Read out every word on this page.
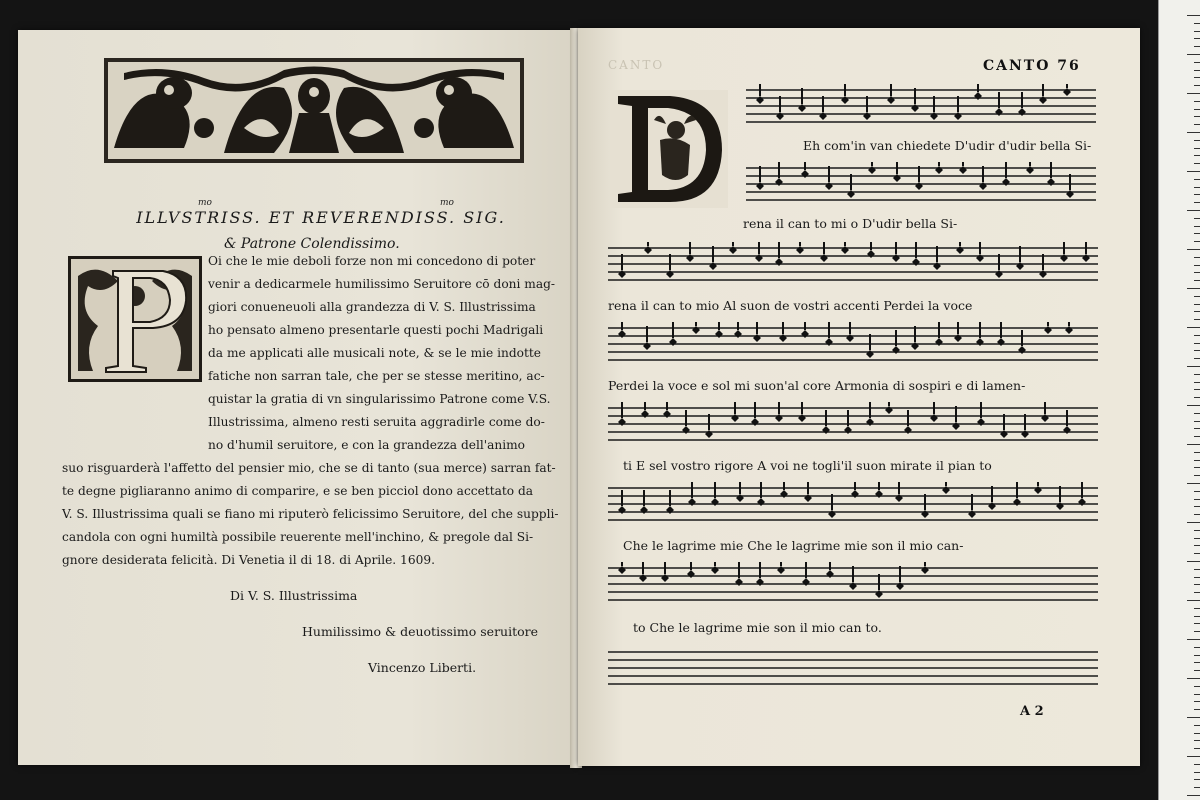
ILLVSTRISS. ET REVERENDISS. SIG.
mo	mo
& Patrone Colendissimo.
Oi che le mie deboli forze non mi concedono di poter
venir a dedicarmele humilissimo Seruitore cō doni mag-
giori conueneuoli alla grandezza di V. S. Illustrissima
ho pensato almeno presentarle questi pochi Madrigali
da me applicati alle musicali note, & se le mie indotte
fatiche non sarran tale, che per se stesse meritino, ac-
quistar la gratia di vn singularissimo Patrone come V.S.
Illustrissima, almeno resti seruita aggradirle come do-
no d'humil seruitore, e con la grandezza dell'animo
suo risguarderà l'affetto del pensier mio, che se di tanto (sua merce) sarran fat-
te degne pigliaranno animo di comparire, e se ben picciol dono accettato da
V. S. Illustrissima quali se fiano mi riputerò felicissimo Seruitore, del che suppli-
candola con ogni humiltà possibile reuerente mell'inchino, & pregole dal Si-
gnore desiderata felicità. Di Venetia il di 18. di Aprile. 1609.
Di V. S. Illustrissima
Humilissimo & deuotissimo seruitore
Vincenzo Liberti.
CANTO	CANTO 76
Eh com'in van chiedete D'udir d'udir bella Si-
rena il can to mi o D'udir bella Si-
rena il can to mio Al suon de vostri accenti Perdei la voce
Perdei la voce e sol mi suon'al core Armonia di sospiri e di lamen-
ti E sel vostro rigore A voi ne togli'il suon mirate il pian to
Che le lagrime mie Che le lagrime mie son il mio can-
to Che le lagrime mie son il mio can to.
A 2
